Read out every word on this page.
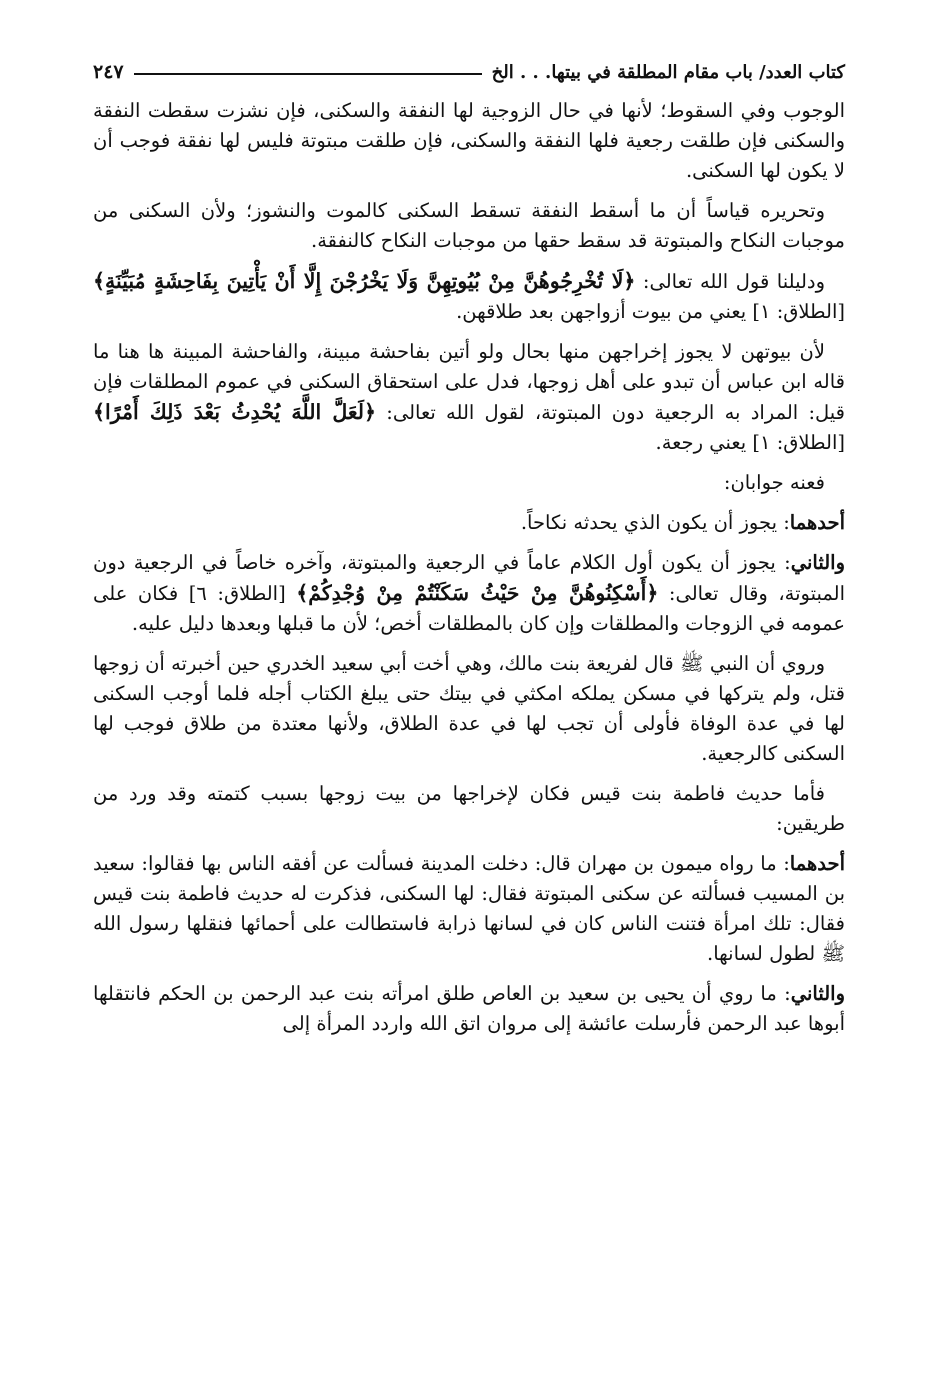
كتاب العدد/ باب مقام المطلقة في بيتها. . . الخ
٢٤٧

الوجوب وفي السقوط؛ لأنها في حال الزوجية لها النفقة والسكنى، فإن نشزت سقطت النفقة والسكنى فإن طلقت رجعية فلها النفقة والسكنى، فإن طلقت مبتوتة فليس لها نفقة فوجب أن لا يكون لها السكنى.

وتحريره قياساً أن ما أسقط النفقة تسقط السكنى كالموت والنشوز؛ ولأن السكنى من موجبات النكاح والمبتوتة قد سقط حقها من موجبات النكاح كالنفقة.

ودليلنا قول الله تعالى: ﴿لَا تُخْرِجُوهُنَّ مِنْ بُيُوتِهِنَّ وَلَا يَخْرُجْنَ إِلَّا أَنْ يَأْتِينَ بِفَاحِشَةٍ مُبَيِّنَةٍ﴾ [الطلاق: ١] يعني من بيوت أزواجهن بعد طلاقهن.

لأن بيوتهن لا يجوز إخراجهن منها بحال ولو أتين بفاحشة مبينة، والفاحشة المبينة ها هنا ما قاله ابن عباس أن تبدو على أهل زوجها، فدل على استحقاق السكنى في عموم المطلقات فإن قيل: المراد به الرجعية دون المبتوتة، لقول الله تعالى: ﴿لَعَلَّ اللَّهَ يُحْدِثُ بَعْدَ ذَلِكَ أَمْرًا﴾ [الطلاق: ١] يعني رجعة.

فعنه جوابان:

أحدهما: يجوز أن يكون الذي يحدثه نكاحاً.

والثاني: يجوز أن يكون أول الكلام عاماً في الرجعية والمبتوتة، وآخره خاصاً في الرجعية دون المبتوتة، وقال تعالى: ﴿أَسْكِنُوهُنَّ مِنْ حَيْثُ سَكَنْتُمْ مِنْ وُجْدِكُمْ﴾ [الطلاق: ٦] فكان على عمومه في الزوجات والمطلقات وإن كان بالمطلقات أخص؛ لأن ما قبلها وبعدها دليل عليه.

وروي أن النبي ﷺ قال لفريعة بنت مالك، وهي أخت أبي سعيد الخدري حين أخبرته أن زوجها قتل، ولم يتركها في مسكن يملكه امكثي في بيتك حتى يبلغ الكتاب أجله فلما أوجب السكنى لها في عدة الوفاة فأولى أن تجب لها في عدة الطلاق، ولأنها معتدة من طلاق فوجب لها السكنى كالرجعية.

فأما حديث فاطمة بنت قيس فكان لإخراجها من بيت زوجها بسبب كتمته وقد ورد من طريقين:

أحدهما: ما رواه ميمون بن مهران قال: دخلت المدينة فسألت عن أفقه الناس بها فقالوا: سعيد بن المسيب فسألته عن سكنى المبتوتة فقال: لها السكنى، فذكرت له حديث فاطمة بنت قيس فقال: تلك امرأة فتنت الناس كان في لسانها ذرابة فاستطالت على أحمائها فنقلها رسول الله ﷺ لطول لسانها.

والثاني: ما روي أن يحيى بن سعيد بن العاص طلق امرأته بنت عبد الرحمن بن الحكم فانتقلها أبوها عبد الرحمن فأرسلت عائشة إلى مروان اتق الله واردد المرأة إلى
